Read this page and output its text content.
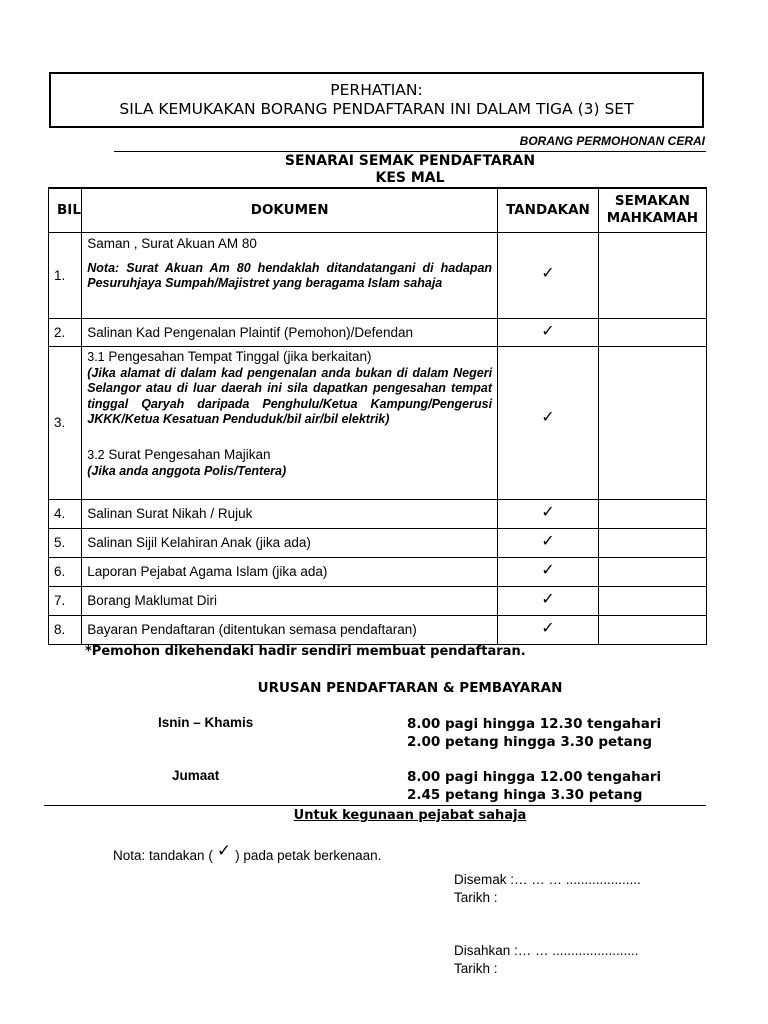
PERHATIAN:
SILA KEMUKAKAN BORANG PENDAFTARAN INI DALAM TIGA (3) SET
BORANG PERMOHONAN CERAI
SENARAI SEMAK PENDAFTARAN
KES MAL
BIL	DOKUMEN	TANDAKAN	SEMAKAN
MAHKAMAH
1.	Saman , Surat Akuan AM 80
Nota: Surat Akuan Am 80 hendaklah ditandatangani di hadapan Pesuruhjaya Sumpah/Majistret yang beragama Islam sahaja	✓	
2.	Salinan Kad Pengenalan Plaintif (Pemohon)/Defendan	✓	
3.	3.1 Pengesahan Tempat Tinggal (jika berkaitan)
(Jika alamat di dalam kad pengenalan anda bukan di dalam Negeri Selangor atau di luar daerah ini sila dapatkan pengesahan tempat tinggal Qaryah daripada Penghulu/Ketua Kampung/Pengerusi JKKK/Ketua Kesatuan Penduduk/bil air/bil elektrik)
3.2 Surat Pengesahan Majikan
(Jika anda anggota Polis/Tentera)	✓	
4.	Salinan Surat Nikah / Rujuk	✓	
5.	Salinan Sijil Kelahiran Anak (jika ada)	✓	
6.	Laporan Pejabat Agama Islam (jika ada)	✓	
7.	Borang Maklumat Diri	✓	
8.	Bayaran Pendaftaran (ditentukan semasa pendaftaran)	✓	
*Pemohon dikehendaki hadir sendiri membuat pendaftaran.
URUSAN PENDAFTARAN & PEMBAYARAN
Isnin – Khamis	8.00 pagi hingga 12.30 tengahari
2.00 petang hingga 3.30 petang
Jumaat	8.00 pagi hingga 12.00 tengahari
2.45 petang hinga 3.30 petang
Untuk kegunaan pejabat sahaja
Nota: tandakan ( ✓ ) pada petak berkenaan.
Disemak :… … … ....................
Tarikh :
Disahkan :… … .......................
Tarikh :
